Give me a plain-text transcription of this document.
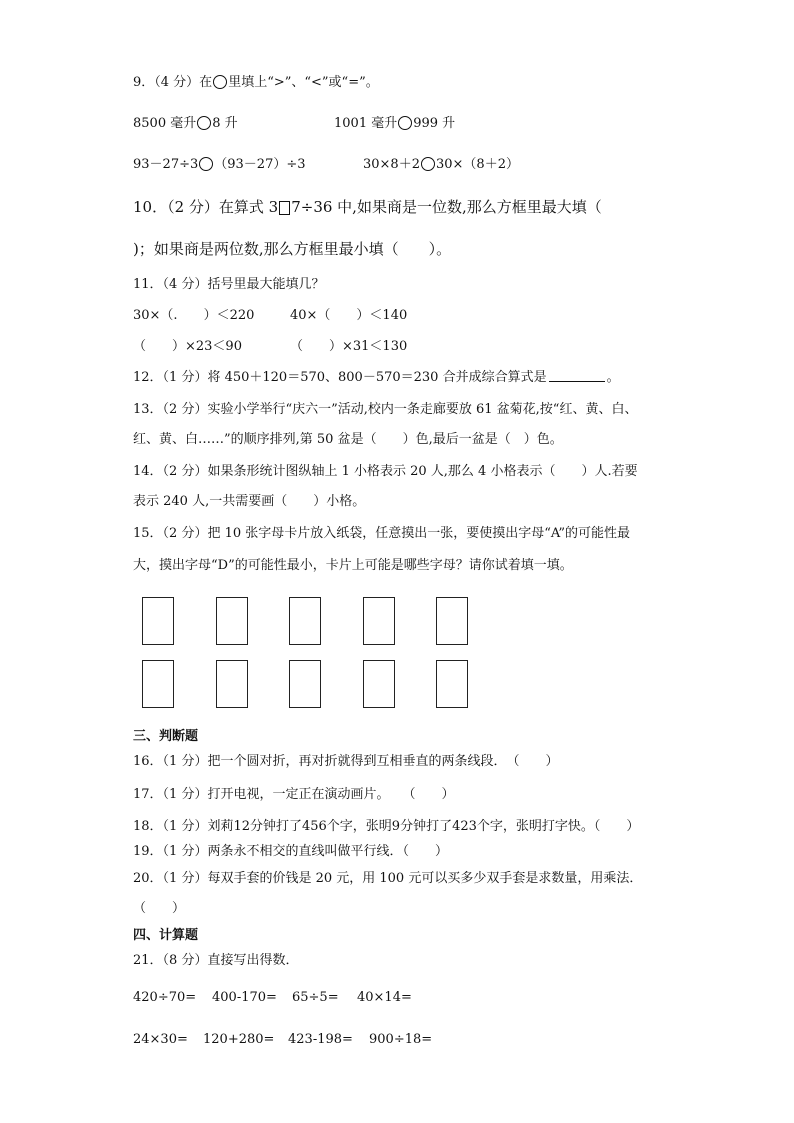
9．（4 分）在 里填上“>”、“<”或“=”。
8500 毫升 8 升	1001 毫升 999 升
93－27÷3 （93－27）÷3	30×8＋2 30×（8＋2）
10．（2 分）在算式 3 7÷36 中,如果商是一位数,那么方框里最大填（
)；如果商是两位数,那么方框里最小填（　　）。
11．（4 分）括号里最大能填几？
30×（.　　）＜220	40×（　　）＜140
（　　）×23＜90	（　　）×31＜130
12．（1 分）将 450＋120＝570、800－570＝230 合并成综合算式是	。
13．（2 分）实验小学举行“庆六一”活动,校内一条走廊要放 61 盆菊花,按“红、黄、白、
红、黄、白……”的顺序排列,第 50 盆是（　　）色,最后一盆是（　）色。
14．（2 分）如果条形统计图纵轴上 1 小格表示 20 人,那么 4 小格表示（　　）人.若要
表示 240 人,一共需要画（　　）小格。
15．（2 分）把 10 张字母卡片放入纸袋，任意摸出一张，要使摸出字母“A”的可能性最
大，摸出字母“D”的可能性最小，卡片上可能是哪些字母？请你试着填一填。
三、判断题
16．（1 分）把一个圆对折，再对折就得到互相垂直的两条线段．　（　　）
17．（1 分）打开电视，一定正在演动画片。　　（　　）
18．（1 分）刘莉12分钟打了456个字，张明9分钟打了423个字，张明打字快。（　　）
19．（1 分）两条永不相交的直线叫做平行线．（　　）
20．（1 分）每双手套的价钱是 20 元，用 100 元可以买多少双手套是求数量，用乘法．
（　　）
四、计算题
21．（8 分）直接写出得数．
420÷70= 400-170= 65÷5= 40×14=
24×30= 120+280= 423-198= 900÷18=
